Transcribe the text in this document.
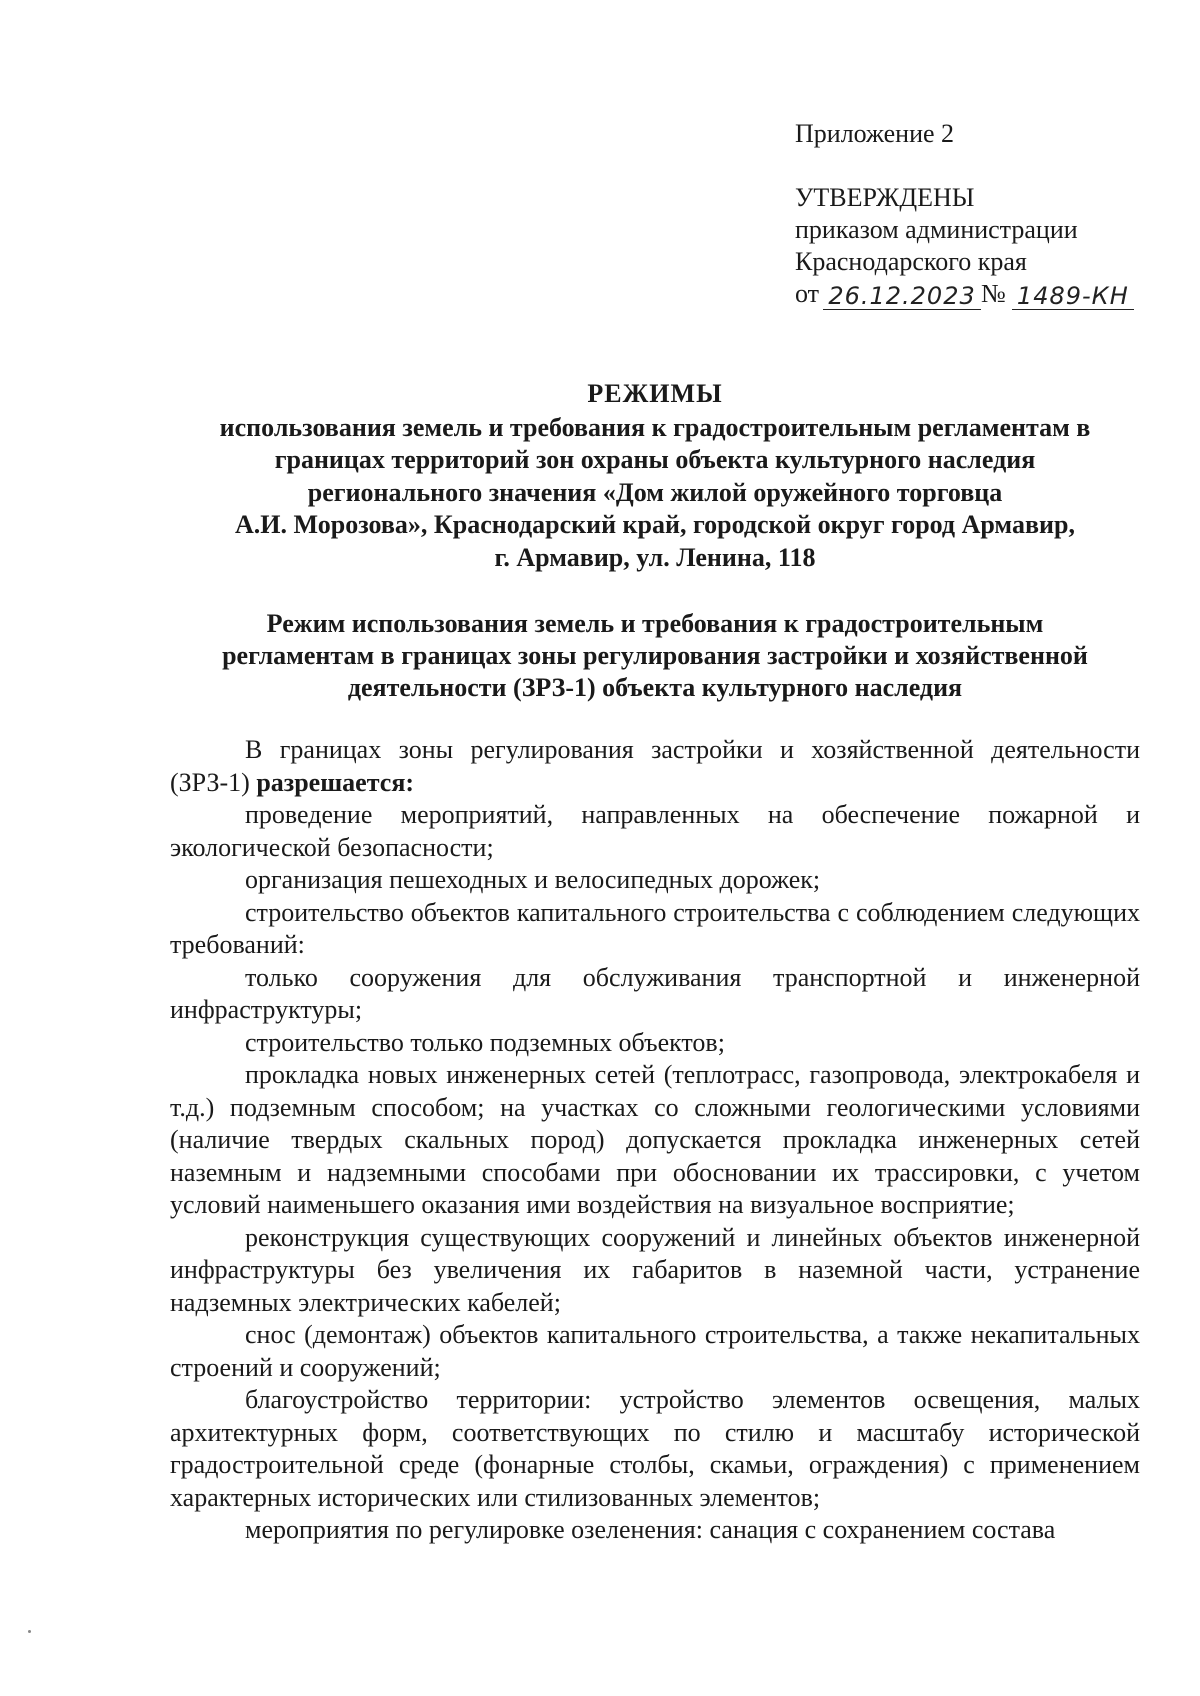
Приложение 2
УТВЕРЖДЕНЫ
приказом администрации
Краснодарского края
от 26.12.2023 № 1489-КН
РЕЖИМЫ
использования земель и требования к градостроительным регламентам в
границах территорий зон охраны объекта культурного наследия
регионального значения «Дом жилой оружейного торговца
А.И. Морозова», Краснодарский край, городской округ город Армавир,
г. Армавир, ул. Ленина, 118
Режим использования земель и требования к градостроительным
регламентам в границах зоны регулирования застройки и хозяйственной
деятельности (ЗРЗ-1) объекта культурного наследия

В границах зоны регулирования застройки и хозяйственной деятельности (ЗРЗ-1) разрешается:

проведение мероприятий, направленных на обеспечение пожарной и экологической безопасности;

организация пешеходных и велосипедных дорожек;

строительство объектов капитального строительства с соблюдением следующих требований:

только сооружения для обслуживания транспортной и инженерной инфраструктуры;

строительство только подземных объектов;

прокладка новых инженерных сетей (теплотрасс, газопровода, электрокабеля и т.д.) подземным способом; на участках со сложными геологическими условиями (наличие твердых скальных пород) допускается прокладка инженерных сетей наземным и надземными способами при обосновании их трассировки, с учетом условий наименьшего оказания ими воздействия на визуальное восприятие;

реконструкция существующих сооружений и линейных объектов инженерной инфраструктуры без увеличения их габаритов в наземной части, устранение надземных электрических кабелей;

снос (демонтаж) объектов капитального строительства, а также некапитальных строений и сооружений;

благоустройство территории: устройство элементов освещения, малых архитектурных форм, соответствующих по стилю и масштабу исторической градостроительной среде (фонарные столбы, скамьи, ограждения) с применением характерных исторических или стилизованных элементов;

мероприятия по регулировке озеленения: санация с сохранением состава
